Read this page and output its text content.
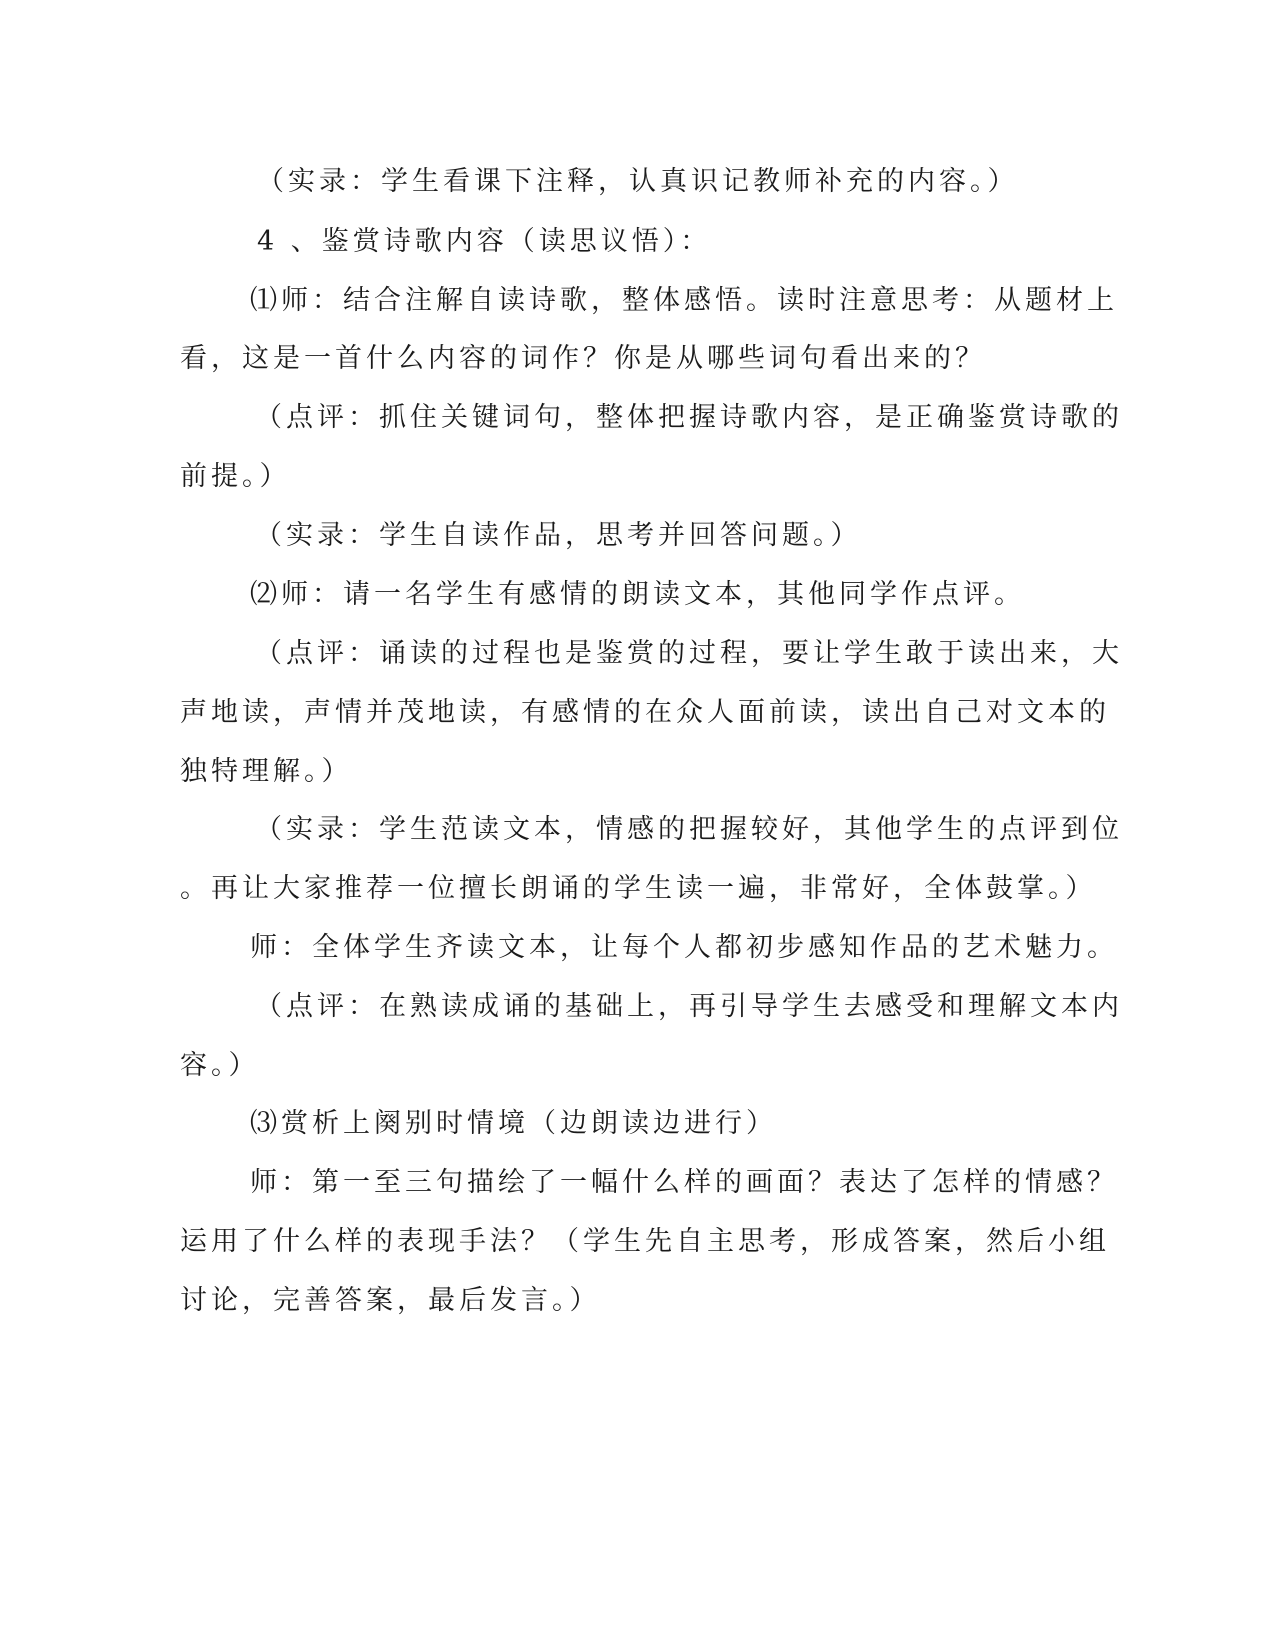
（实录：学生看课下注释，认真识记教师补充的内容。）
4 、鉴赏诗歌内容（读思议悟）：
⑴师：结合注解自读诗歌，整体感悟。读时注意思考：从题材上
看，这是一首什么内容的词作？你是从哪些词句看出来的？
（点评：抓住关键词句，整体把握诗歌内容，是正确鉴赏诗歌的
前提。）
（实录：学生自读作品，思考并回答问题。）
⑵师：请一名学生有感情的朗读文本，其他同学作点评。
（点评：诵读的过程也是鉴赏的过程，要让学生敢于读出来，大
声地读，声情并茂地读，有感情的在众人面前读，读出自己对文本的
独特理解。）
（实录：学生范读文本，情感的把握较好，其他学生的点评到位
。再让大家推荐一位擅长朗诵的学生读一遍，非常好，全体鼓掌。）
师：全体学生齐读文本，让每个人都初步感知作品的艺术魅力。
（点评：在熟读成诵的基础上，再引导学生去感受和理解文本内
容。）
⑶赏析上阕别时情境（边朗读边进行）
师：第一至三句描绘了一幅什么样的画面？表达了怎样的情感？
运用了什么样的表现手法？（学生先自主思考，形成答案，然后小组
讨论，完善答案，最后发言。）
